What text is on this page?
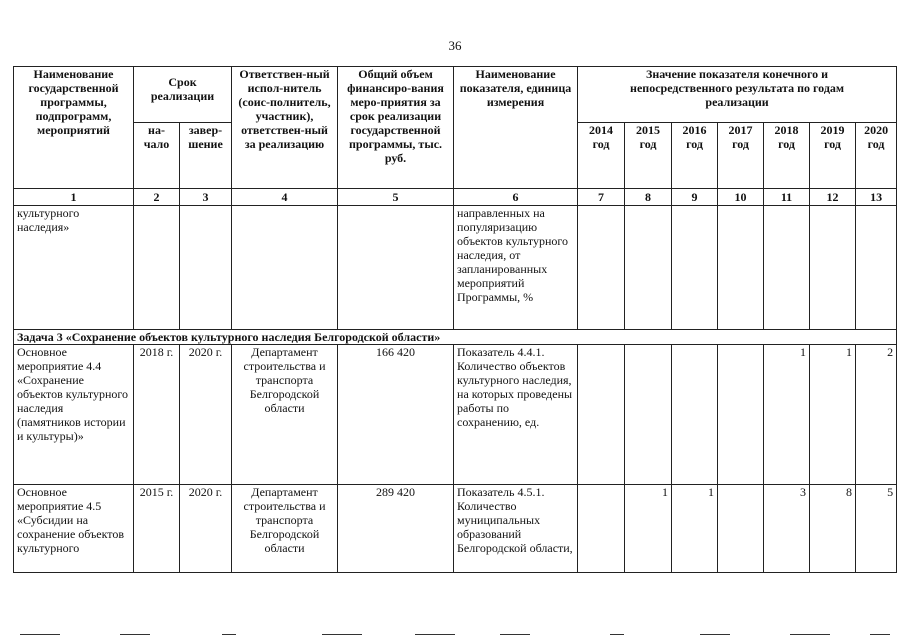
36
Наименование государственной программы, подпрограмм, мероприятий	Срок реализации		Ответствен-ный испол-нитель (соис-полнитель, участник), ответствен-ный за реализацию	Общий объем финансиро-вания меро-приятия за срок реализации государственной программы, тыс. руб.	Наименование показателя, единица измерения	Значение показателя конечного и непосредственного результата по годам реализации						
	на-чало	завер-шение				2014 год	2015 год	2016 год	2017 год	2018 год	2019 год	2020 год
1	2	3	4	5	6	7	8	9	10	11	12	13
культурного наследия»					направленных на популяризацию объектов культурного наследия, от запланированных мероприятий Программы, %							
Задача 3 «Сохранение объектов культурного наследия Белгородской области»												
Основное мероприятие 4.4 «Сохранение объектов культурного наследия (памятников истории и культуры)»	2018 г.	2020 г.	Департамент строительства и транспорта Белгородской области	166 420	Показатель 4.4.1. Количество объектов культурного наследия, на которых проведены работы по сохранению, ед.					1	1	2
Основное мероприятие 4.5 «Субсидии на сохранение объектов культурного	2015 г.	2020 г.	Департамент строительства и транспорта Белгородской области	289 420	Показатель 4.5.1. Количество муниципальных образований Белгородской области,		1	1		3	8	5
